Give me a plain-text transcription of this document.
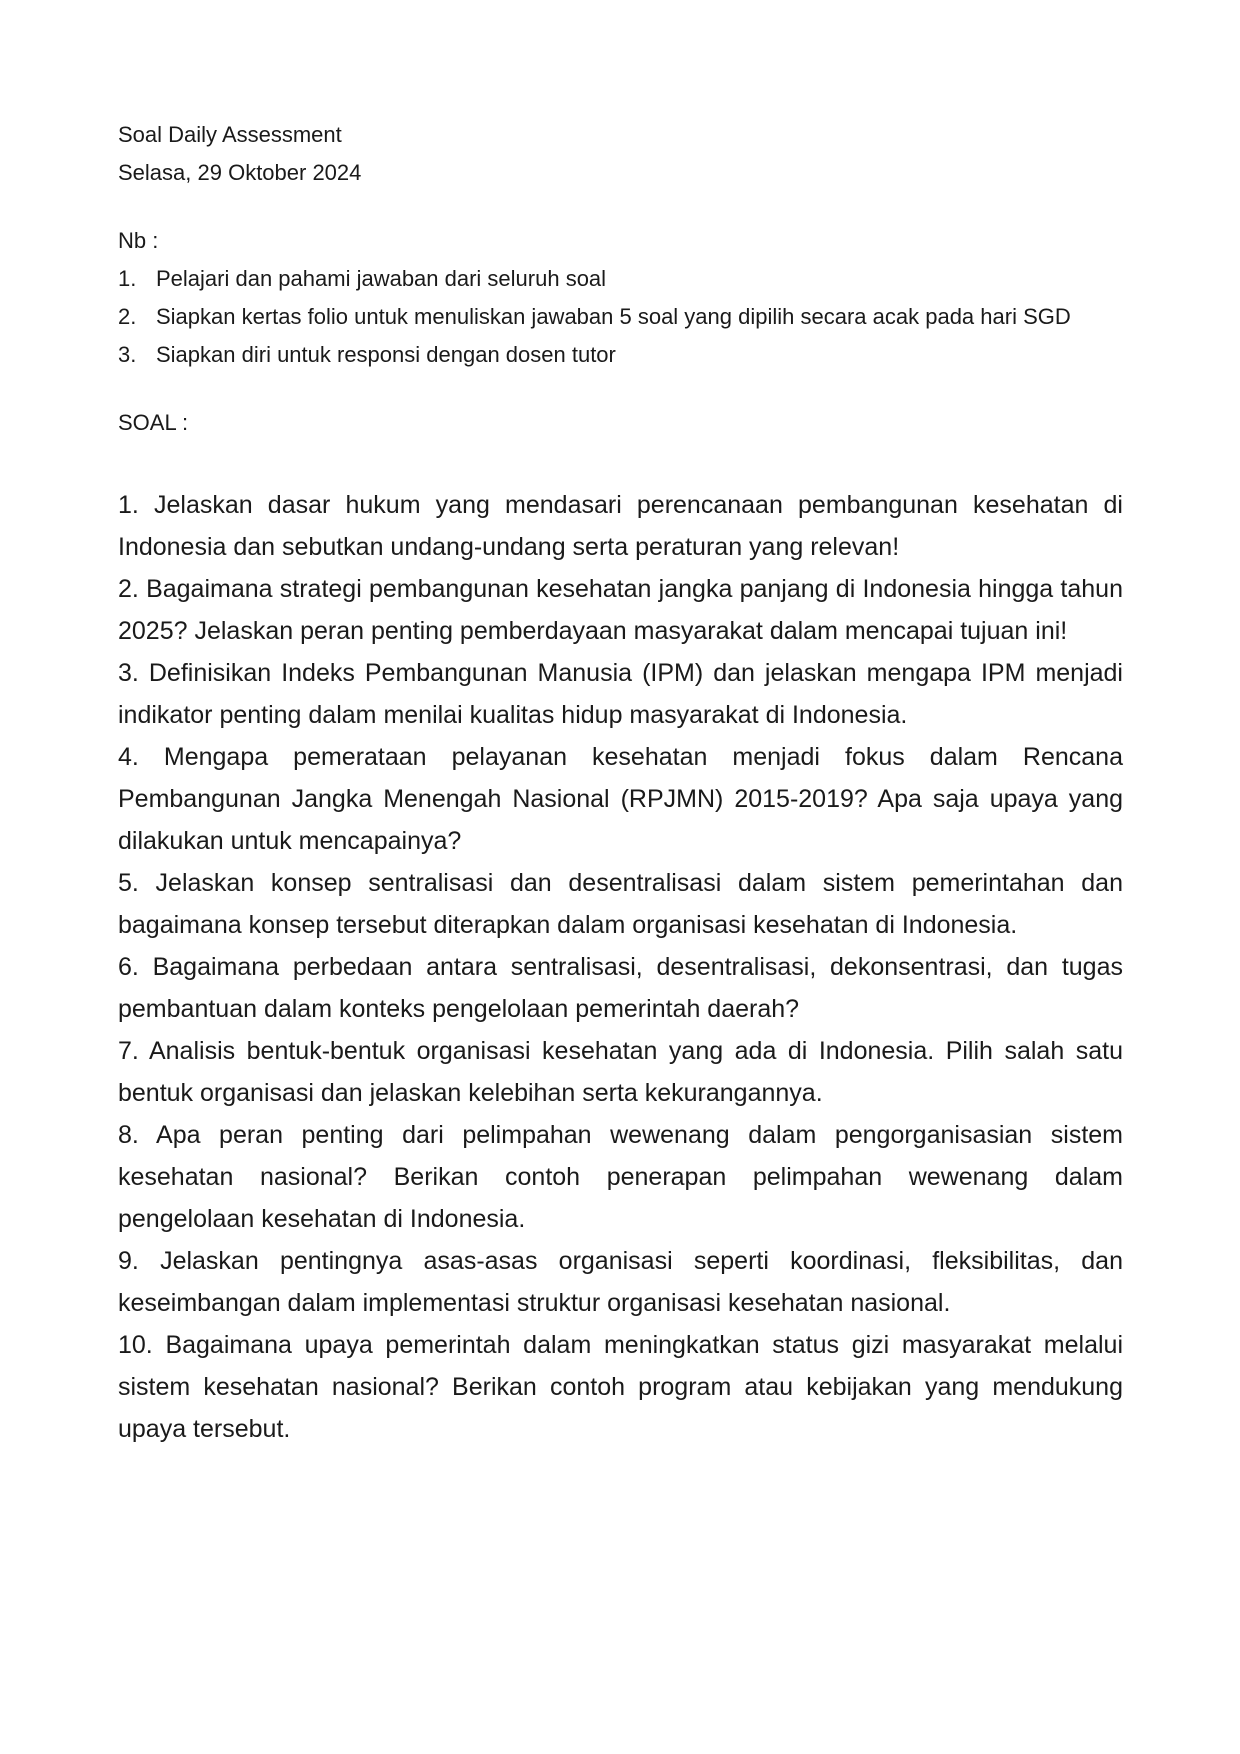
Soal Daily Assessment

Selasa, 29 Oktober 2024

Nb :

1. Pelajari dan pahami jawaban dari seluruh soal
2. Siapkan kertas folio untuk menuliskan jawaban 5 soal yang dipilih secara acak pada hari SGD
3. Siapkan diri untuk responsi dengan dosen tutor

SOAL :

1. Jelaskan dasar hukum yang mendasari perencanaan pembangunan kesehatan di Indonesia dan sebutkan undang-undang serta peraturan yang relevan!
2. Bagaimana strategi pembangunan kesehatan jangka panjang di Indonesia hingga tahun 2025? Jelaskan peran penting pemberdayaan masyarakat dalam mencapai tujuan ini!
3. Definisikan Indeks Pembangunan Manusia (IPM) dan jelaskan mengapa IPM menjadi indikator penting dalam menilai kualitas hidup masyarakat di Indonesia.
4. Mengapa pemerataan pelayanan kesehatan menjadi fokus dalam Rencana Pembangunan Jangka Menengah Nasional (RPJMN) 2015-2019? Apa saja upaya yang dilakukan untuk mencapainya?
5. Jelaskan konsep sentralisasi dan desentralisasi dalam sistem pemerintahan dan bagaimana konsep tersebut diterapkan dalam organisasi kesehatan di Indonesia.
6. Bagaimana perbedaan antara sentralisasi, desentralisasi, dekonsentrasi, dan tugas pembantuan dalam konteks pengelolaan pemerintah daerah?
7. Analisis bentuk-bentuk organisasi kesehatan yang ada di Indonesia. Pilih salah satu bentuk organisasi dan jelaskan kelebihan serta kekurangannya.
8. Apa peran penting dari pelimpahan wewenang dalam pengorganisasian sistem kesehatan nasional? Berikan contoh penerapan pelimpahan wewenang dalam pengelolaan kesehatan di Indonesia.
9. Jelaskan pentingnya asas-asas organisasi seperti koordinasi, fleksibilitas, dan keseimbangan dalam implementasi struktur organisasi kesehatan nasional.
10. Bagaimana upaya pemerintah dalam meningkatkan status gizi masyarakat melalui sistem kesehatan nasional? Berikan contoh program atau kebijakan yang mendukung upaya tersebut.
